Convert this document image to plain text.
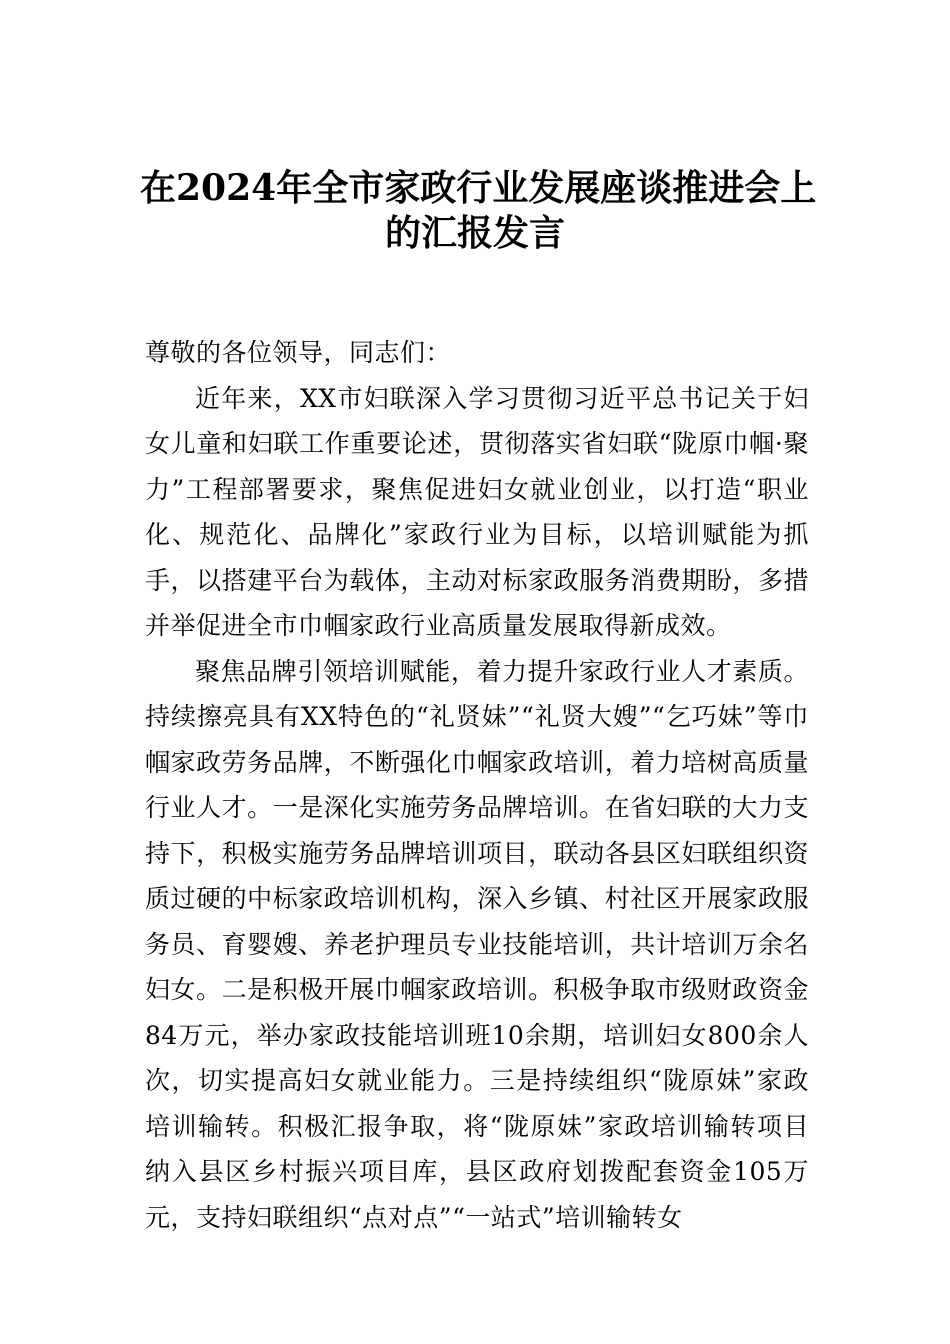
在2024年全市家政行业发展座谈推进会上
的汇报发言

尊敬的各位领导，同志们：

近年来，XX市妇联深入学习贯彻习近平总书记关于妇女儿童和妇联工作重要论述，贯彻落实省妇联“陇原巾帼·聚力”工程部署要求，聚焦促进妇女就业创业，以打造“职业化、规范化、品牌化”家政行业为目标，以培训赋能为抓手，以搭建平台为载体，主动对标家政服务消费期盼，多措并举促进全市巾帼家政行业高质量发展取得新成效。

聚焦品牌引领培训赋能，着力提升家政行业人才素质。持续擦亮具有XX特色的“礼贤妹”“礼贤大嫂”“乞巧妹”等巾帼家政劳务品牌，不断强化巾帼家政培训，着力培树高质量行业人才。一是深化实施劳务品牌培训。在省妇联的大力支持下，积极实施劳务品牌培训项目，联动各县区妇联组织资质过硬的中标家政培训机构，深入乡镇、村社区开展家政服务员、育婴嫂、养老护理员专业技能培训，共计培训万余名妇女。二是积极开展巾帼家政培训。积极争取市级财政资金84万元，举办家政技能培训班10余期，培训妇女800余人次，切实提高妇女就业能力。三是持续组织“陇原妹”家政培训输转。积极汇报争取，将“陇原妹”家政培训输转项目纳入县区乡村振兴项目库，县区政府划拨配套资金105万元，支持妇联组织“点对点”“一站式”培训输转女
